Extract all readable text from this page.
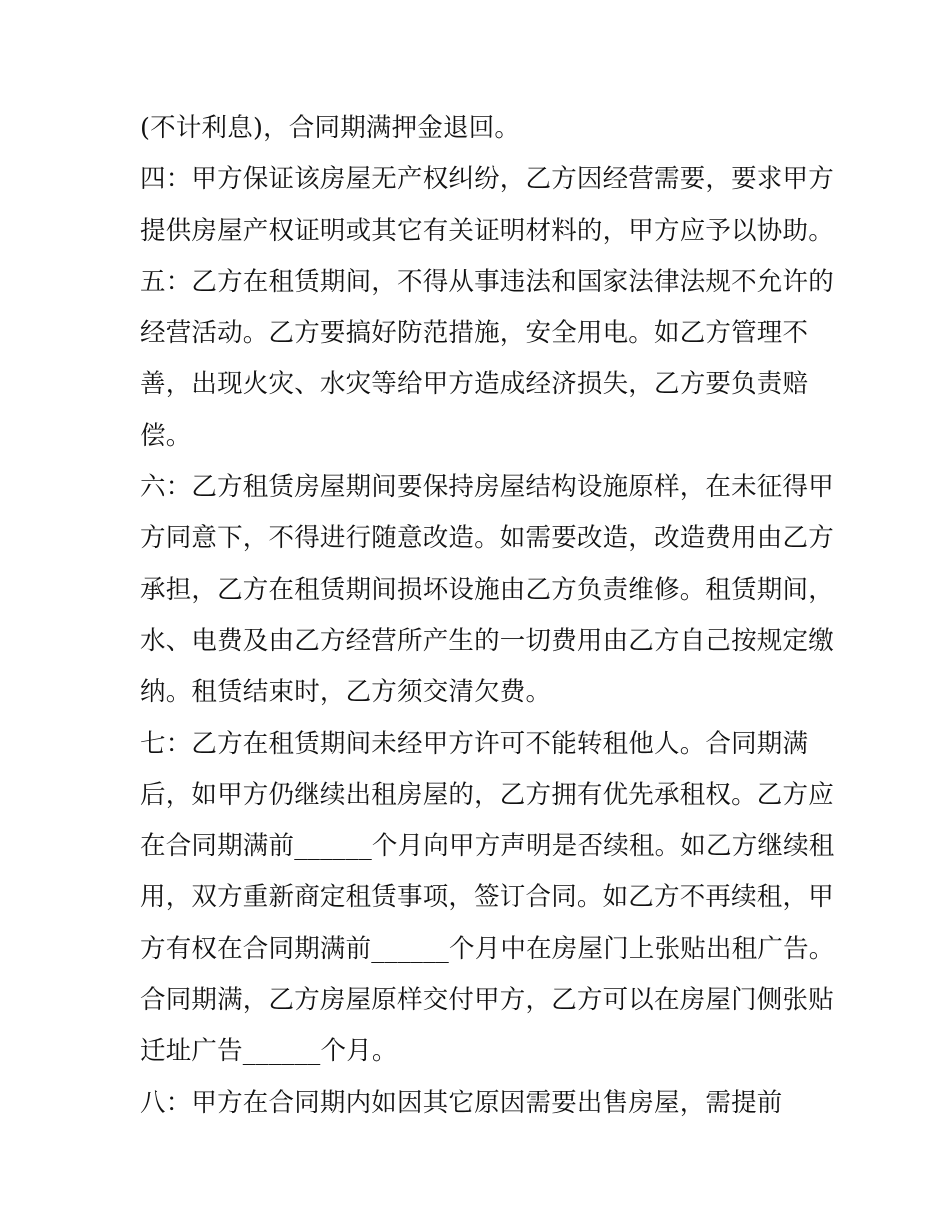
(不计利息)，合同期满押金退回。
四：甲方保证该房屋无产权纠纷，乙方因经营需要，要求甲方
提供房屋产权证明或其它有关证明材料的，甲方应予以协助。
五：乙方在租赁期间，不得从事违法和国家法律法规不允许的
经营活动。乙方要搞好防范措施，安全用电。如乙方管理不
善，出现火灾、水灾等给甲方造成经济损失，乙方要负责赔
偿。
六：乙方租赁房屋期间要保持房屋结构设施原样，在未征得甲
方同意下，不得进行随意改造。如需要改造，改造费用由乙方
承担，乙方在租赁期间损坏设施由乙方负责维修。租赁期间，
水、电费及由乙方经营所产生的一切费用由乙方自己按规定缴
纳。租赁结束时，乙方须交清欠费。
七：乙方在租赁期间未经甲方许可不能转租他人。合同期满
后，如甲方仍继续出租房屋的，乙方拥有优先承租权。乙方应
在合同期满前______个月向甲方声明是否续租。如乙方继续租
用，双方重新商定租赁事项，签订合同。如乙方不再续租，甲
方有权在合同期满前______个月中在房屋门上张贴出租广告。
合同期满，乙方房屋原样交付甲方，乙方可以在房屋门侧张贴
迁址广告______个月。
八：甲方在合同期内如因其它原因需要出售房屋，需提前
